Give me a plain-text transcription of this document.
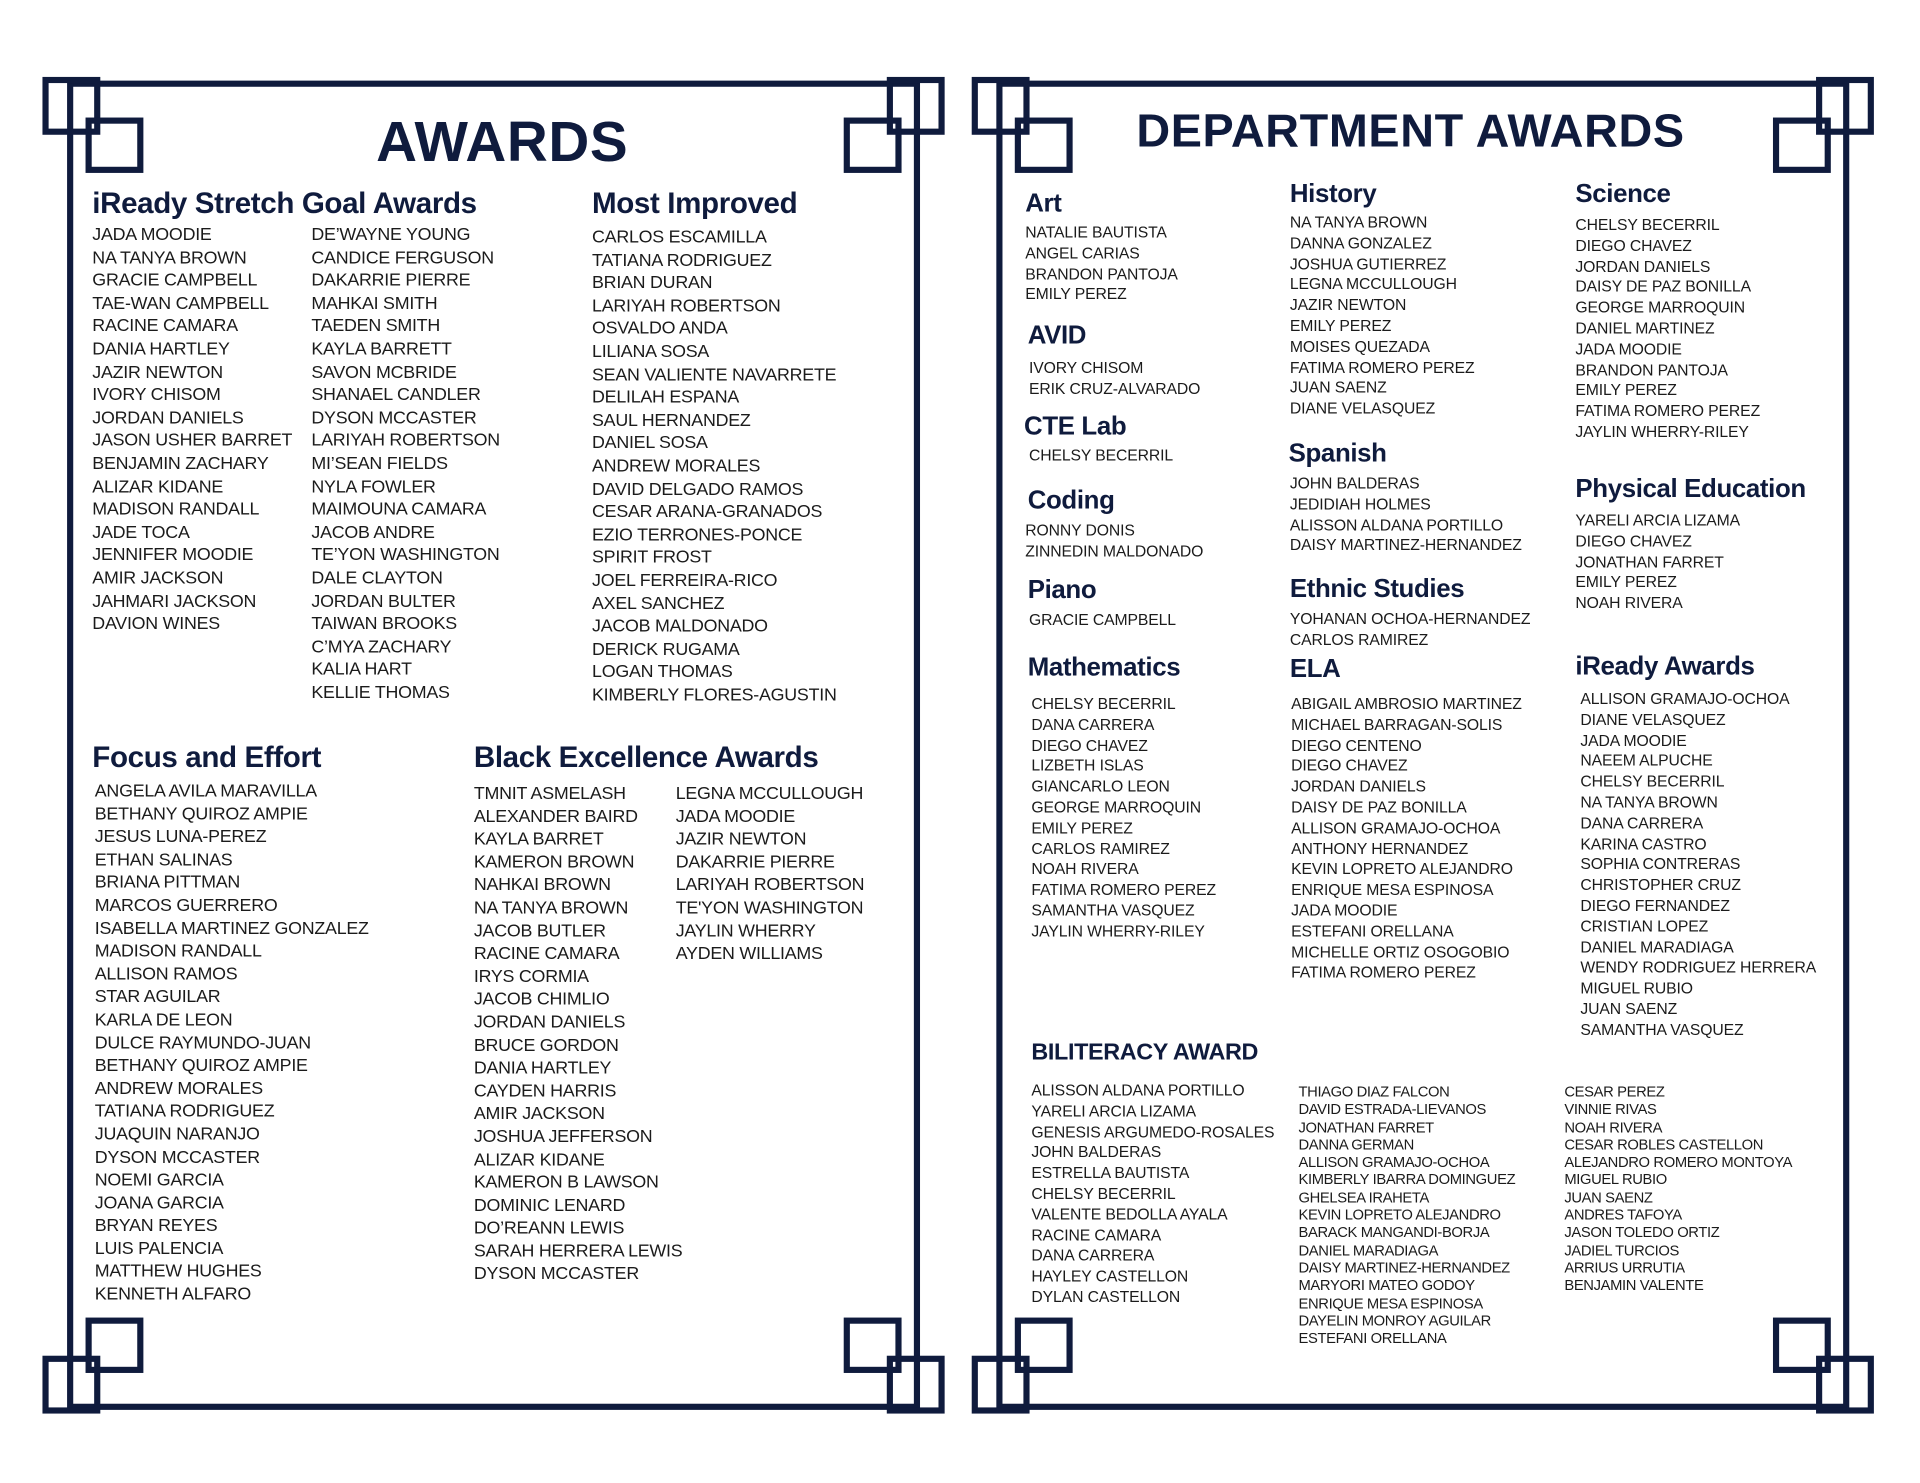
AWARDS
iReady Stretch Goal Awards
JADA MOODIE
NA TANYA BROWN
GRACIE CAMPBELL
TAE-WAN CAMPBELL
RACINE CAMARA
DANIA HARTLEY
JAZIR NEWTON
IVORY CHISOM
JORDAN DANIELS
JASON USHER BARRET
BENJAMIN ZACHARY
ALIZAR KIDANE
MADISON RANDALL
JADE TOCA
JENNIFER MOODIE
AMIR JACKSON
JAHMARI JACKSON
DAVION WINES
DE’WAYNE YOUNG
CANDICE FERGUSON
DAKARRIE PIERRE
MAHKAI SMITH
TAEDEN SMITH
KAYLA BARRETT
SAVON MCBRIDE
SHANAEL CANDLER
DYSON MCCASTER
LARIYAH ROBERTSON
MI’SEAN FIELDS
NYLA FOWLER
MAIMOUNA CAMARA
JACOB ANDRE
TE’YON WASHINGTON
DALE CLAYTON
JORDAN BULTER
TAIWAN BROOKS
C’MYA ZACHARY
KALIA HART
KELLIE THOMAS
Most Improved
CARLOS ESCAMILLA
TATIANA RODRIGUEZ
BRIAN DURAN
LARIYAH ROBERTSON
OSVALDO ANDA
LILIANA SOSA
SEAN VALIENTE NAVARRETE
DELILAH ESPANA
SAUL HERNANDEZ
DANIEL SOSA
ANDREW MORALES
DAVID DELGADO RAMOS
CESAR ARANA-GRANADOS
EZIO TERRONES-PONCE
SPIRIT FROST
JOEL FERREIRA-RICO
AXEL SANCHEZ
JACOB MALDONADO
DERICK RUGAMA
LOGAN THOMAS
KIMBERLY FLORES-AGUSTIN
Focus and Effort
ANGELA AVILA MARAVILLA
BETHANY QUIROZ AMPIE
JESUS LUNA-PEREZ
ETHAN SALINAS
BRIANA PITTMAN
MARCOS GUERRERO
ISABELLA MARTINEZ GONZALEZ
MADISON RANDALL
ALLISON RAMOS
STAR AGUILAR
KARLA DE LEON
DULCE RAYMUNDO-JUAN
BETHANY QUIROZ AMPIE
ANDREW MORALES
TATIANA RODRIGUEZ
JUAQUIN NARANJO
DYSON MCCASTER
NOEMI GARCIA
JOANA GARCIA
BRYAN REYES
LUIS PALENCIA
MATTHEW HUGHES
KENNETH ALFARO
Black Excellence Awards
TMNIT ASMELASH
ALEXANDER BAIRD
KAYLA BARRET
KAMERON BROWN
NAHKAI BROWN
NA TANYA BROWN
JACOB BUTLER
RACINE CAMARA
IRYS CORMIA
JACOB CHIMLIO
JORDAN DANIELS
BRUCE GORDON
DANIA HARTLEY
CAYDEN HARRIS
AMIR JACKSON
JOSHUA JEFFERSON
ALIZAR KIDANE
KAMERON B LAWSON
DOMINIC LENARD
DO’REANN LEWIS
SARAH HERRERA LEWIS
DYSON MCCASTER
LEGNA MCCULLOUGH
JADA MOODIE
JAZIR NEWTON
DAKARRIE PIERRE
LARIYAH ROBERTSON
TE'YON WASHINGTON
JAYLIN WHERRY
AYDEN WILLIAMS
DEPARTMENT AWARDS
Art
NATALIE BAUTISTA
ANGEL CARIAS
BRANDON PANTOJA
EMILY PEREZ
AVID
IVORY CHISOM
ERIK CRUZ-ALVARADO
CTE Lab
CHELSY BECERRIL
Coding
RONNY DONIS
ZINNEDIN MALDONADO
Piano
GRACIE CAMPBELL
Mathematics
CHELSY BECERRIL
DANA CARRERA
DIEGO CHAVEZ
LIZBETH ISLAS
GIANCARLO LEON
GEORGE MARROQUIN
EMILY PEREZ
CARLOS RAMIREZ
NOAH RIVERA
FATIMA ROMERO PEREZ
SAMANTHA VASQUEZ
JAYLIN WHERRY-RILEY
History
NA TANYA BROWN
DANNA GONZALEZ
JOSHUA GUTIERREZ
LEGNA MCCULLOUGH
JAZIR NEWTON
EMILY PEREZ
MOISES QUEZADA
FATIMA ROMERO PEREZ
JUAN SAENZ
DIANE VELASQUEZ
Spanish
JOHN BALDERAS
JEDIDIAH HOLMES
ALISSON ALDANA PORTILLO
DAISY MARTINEZ-HERNANDEZ
Ethnic Studies
YOHANAN OCHOA-HERNANDEZ
CARLOS RAMIREZ
ELA
ABIGAIL AMBROSIO MARTINEZ
MICHAEL BARRAGAN-SOLIS
DIEGO CENTENO
DIEGO CHAVEZ
JORDAN DANIELS
DAISY DE PAZ BONILLA
ALLISON GRAMAJO-OCHOA
ANTHONY HERNANDEZ
KEVIN LOPRETO ALEJANDRO
ENRIQUE MESA ESPINOSA
JADA MOODIE
ESTEFANI ORELLANA
MICHELLE ORTIZ OSOGOBIO
FATIMA ROMERO PEREZ
Science
CHELSY BECERRIL
DIEGO CHAVEZ
JORDAN DANIELS
DAISY DE PAZ BONILLA
GEORGE MARROQUIN
DANIEL MARTINEZ
JADA MOODIE
BRANDON PANTOJA
EMILY PEREZ
FATIMA ROMERO PEREZ
JAYLIN WHERRY-RILEY
Physical Education
YARELI ARCIA LIZAMA
DIEGO CHAVEZ
JONATHAN FARRET
EMILY PEREZ
NOAH RIVERA
iReady Awards
ALLISON GRAMAJO-OCHOA
DIANE VELASQUEZ
JADA MOODIE
NAEEM ALPUCHE
CHELSY BECERRIL
NA TANYA BROWN
DANA CARRERA
KARINA CASTRO
SOPHIA CONTRERAS
CHRISTOPHER CRUZ
DIEGO FERNANDEZ
CRISTIAN LOPEZ
DANIEL MARADIAGA
WENDY RODRIGUEZ HERRERA
MIGUEL RUBIO
JUAN SAENZ
SAMANTHA VASQUEZ
BILITERACY AWARD
ALISSON ALDANA PORTILLO
YARELI ARCIA LIZAMA
GENESIS ARGUMEDO-ROSALES
JOHN BALDERAS
ESTRELLA BAUTISTA
CHELSY BECERRIL
VALENTE BEDOLLA AYALA
RACINE CAMARA
DANA CARRERA
HAYLEY CASTELLON
DYLAN CASTELLON
THIAGO DIAZ FALCON
DAVID ESTRADA-LIEVANOS
JONATHAN FARRET
DANNA GERMAN
ALLISON GRAMAJO-OCHOA
KIMBERLY IBARRA DOMINGUEZ
GHELSEA IRAHETA
KEVIN LOPRETO ALEJANDRO
BARACK MANGANDI-BORJA
DANIEL MARADIAGA
DAISY MARTINEZ-HERNANDEZ
MARYORI MATEO GODOY
ENRIQUE MESA ESPINOSA
DAYELIN MONROY AGUILAR
ESTEFANI ORELLANA
CESAR PEREZ
VINNIE RIVAS
NOAH RIVERA
CESAR ROBLES CASTELLON
ALEJANDRO ROMERO MONTOYA
MIGUEL RUBIO
JUAN SAENZ
ANDRES TAFOYA
JASON TOLEDO ORTIZ
JADIEL TURCIOS
ARRIUS URRUTIA
BENJAMIN VALENTE
